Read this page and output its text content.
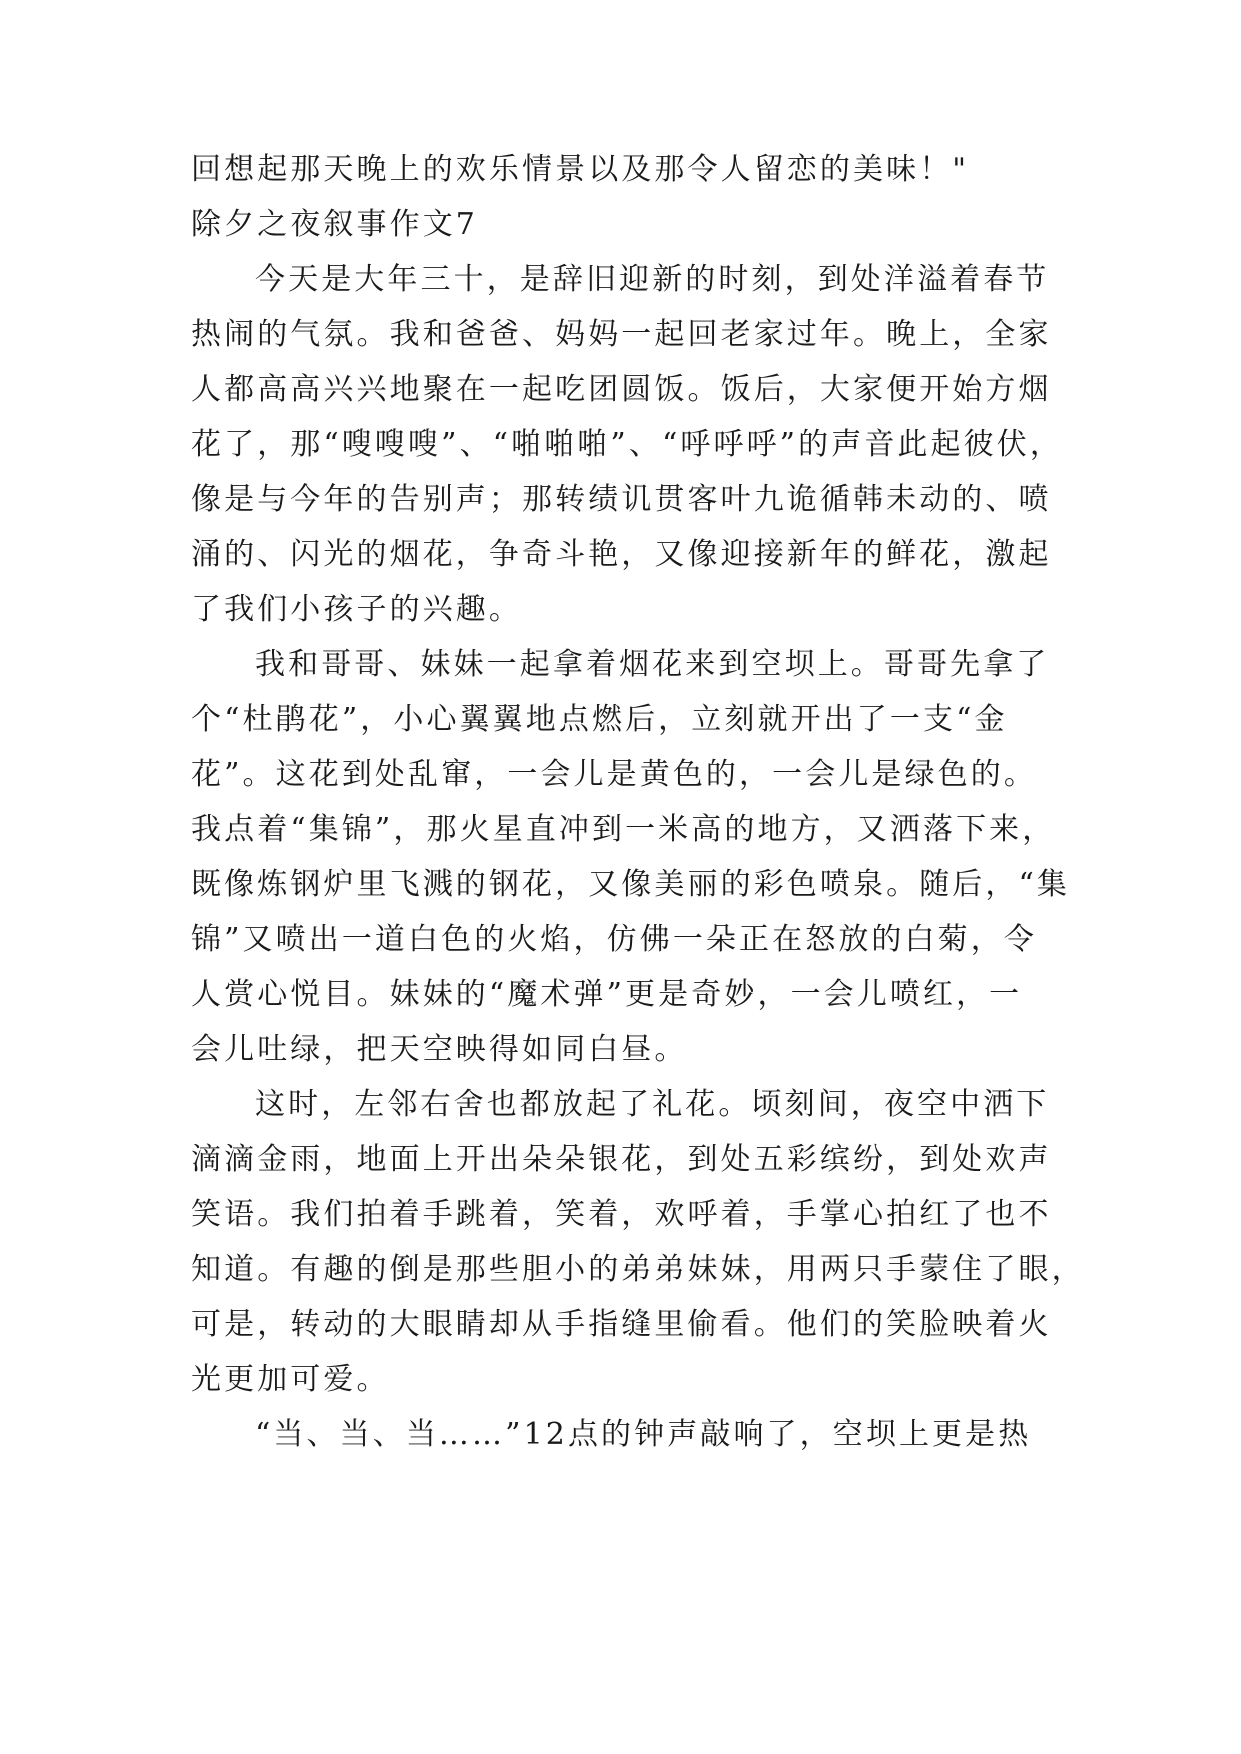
回想起那天晚上的欢乐情景以及那令人留恋的美味！"
除夕之夜叙事作文7
今天是大年三十，是辞旧迎新的时刻，到处洋溢着春节
热闹的气氛。我和爸爸、妈妈一起回老家过年。晚上，全家
人都高高兴兴地聚在一起吃团圆饭。饭后，大家便开始方烟
花了，那“嗖嗖嗖”、“啪啪啪”、“呼呼呼”的声音此起彼伏，
像是与今年的告别声；那转绩讥贯客叶九诡循韩未动的、喷
涌的、闪光的烟花，争奇斗艳，又像迎接新年的鲜花，激起
了我们小孩子的兴趣。
我和哥哥、妹妹一起拿着烟花来到空坝上。哥哥先拿了
个“杜鹃花”，小心翼翼地点燃后，立刻就开出了一支“金
花”。这花到处乱窜，一会儿是黄色的，一会儿是绿色的。
我点着“集锦”，那火星直冲到一米高的地方，又洒落下来，
既像炼钢炉里飞溅的钢花，又像美丽的彩色喷泉。随后，“集
锦”又喷出一道白色的火焰，仿佛一朵正在怒放的白菊，令
人赏心悦目。妹妹的“魔术弹”更是奇妙，一会儿喷红，一
会儿吐绿，把天空映得如同白昼。
这时，左邻右舍也都放起了礼花。顷刻间，夜空中洒下
滴滴金雨，地面上开出朵朵银花，到处五彩缤纷，到处欢声
笑语。我们拍着手跳着，笑着，欢呼着，手掌心拍红了也不
知道。有趣的倒是那些胆小的弟弟妹妹，用两只手蒙住了眼，
可是，转动的大眼睛却从手指缝里偷看。他们的笑脸映着火
光更加可爱。
“当、当、当……”12点的钟声敲响了，空坝上更是热
